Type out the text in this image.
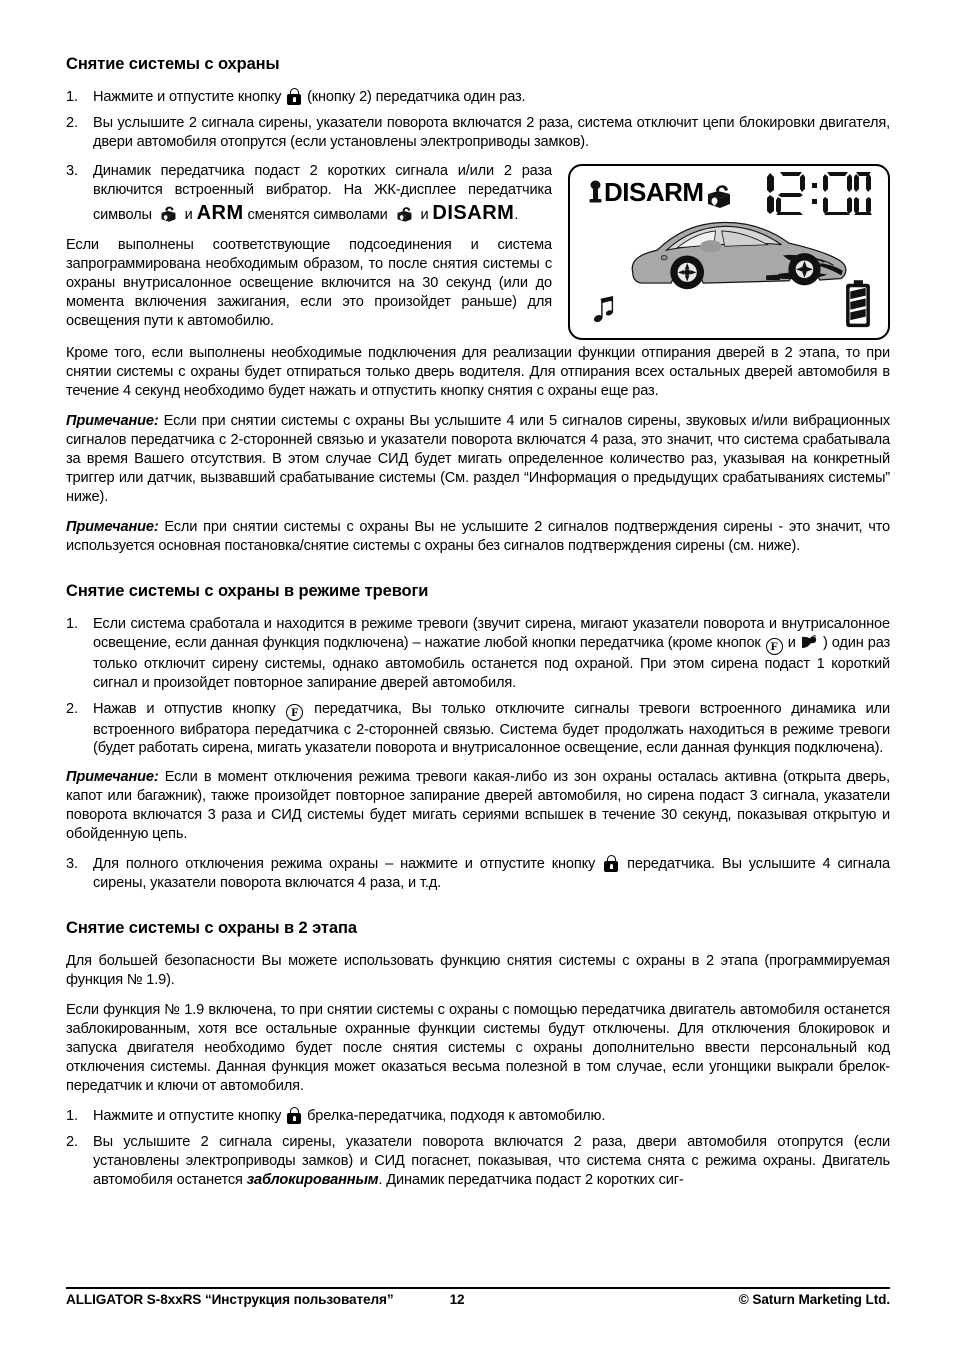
Снятие системы с охраны
1.	Нажмите и отпустите кнопку (кнопку 2) передатчика один раз.
2.	Вы услышите 2 сигнала сирены, указатели поворота включатся 2 раза, система отключит цепи блокировки двигателя, двери автомобиля отопрутся (если установлены электроприводы замков).
DISARM
3.	Динамик передатчика подаст 2 коротких сигнала и/или 2 раза включится встроенный вибратор. На ЖК-дисплее передатчика символы и ARM сменятся символами и DISARM.

Если выполнены соответствующие подсоединения и система запрограммирована необходимым образом, то после снятия системы с охраны внутрисалонное освещение включится на 30 секунд (или до момента включения зажигания, если это произойдет раньше) для освещения пути к автомобилю.

Кроме того, если выполнены необходимые подключения для реализации функции отпирания дверей в 2 этапа, то при снятии системы с охраны будет отпираться только дверь водителя. Для отпирания всех остальных дверей автомобиля в течение 4 секунд необходимо будет нажать и отпустить кнопку снятия с охраны еще раз.

Примечание: Если при снятии системы с охраны Вы услышите 4 или 5 сигналов сирены, звуковых и/или вибрационных сигналов передатчика с 2-сторонней связью и указатели поворота включатся 4 раза, это значит, что система срабатывала за время Вашего отсутствия. В этом случае СИД будет мигать определенное количество раз, указывая на конкретный триггер или датчик, вызвавший срабатывание системы (См. раздел “Информация о предыдущих срабатываниях системы” ниже).

Примечание: Если при снятии системы с охраны Вы не услышите 2 сигналов подтверждения сирены - это значит, что используется основная постановка/снятие системы с охраны без сигналов подтверждения сирены (см. ниже).

Снятие системы с охраны в режиме тревоги
1.	Если система сработала и находится в режиме тревоги (звучит сирена, мигают указатели поворота и внутрисалонное освещение, если данная функция подключена) – нажатие любой кнопки передатчика (кроме кнопок F и ) один раз только отключит сирену системы, однако автомобиль останется под охраной. При этом сирена подаст 1 короткий сигнал и произойдет повторное запирание дверей автомобиля.
2.	Нажав и отпустив кнопку F передатчика, Вы только отключите сигналы тревоги встроенного динамика или встроенного вибратора передатчика с 2-сторонней связью. Система будет продолжать находиться в режиме тревоги (будет работать сирена, мигать указатели поворота и внутрисалонное освещение, если данная функция подключена).

Примечание: Если в момент отключения режима тревоги какая-либо из зон охраны осталась активна (открыта дверь, капот или багажник), также произойдет повторное запирание дверей автомобиля, но сирена подаст 3 сигнала, указатели поворота включатся 3 раза и СИД системы будет мигать сериями вспышек в течение 30 секунд, показывая открытую и обойденную цепь.

3.	Для полного отключения режима охраны – нажмите и отпустите кнопку передатчика. Вы услышите 4 сигнала сирены, указатели поворота включатся 4 раза, и т.д.
Снятие системы с охраны в 2 этапа

Для большей безопасности Вы можете использовать функцию снятия системы с охраны в 2 этапа (программируемая функция № 1.9).

Если функция № 1.9 включена, то при снятии системы с охраны с помощью передатчика двигатель автомобиля останется заблокированным, хотя все остальные охранные функции системы будут отключены. Для отключения блокировок и запуска двигателя необходимо будет после снятия системы с охраны дополнительно ввести персональный код отключения системы. Данная функция может оказаться весьма полезной в том случае, если угонщики выкрали брелок-передатчик и ключи от автомобиля.

1.	Нажмите и отпустите кнопку брелка-передатчика, подходя к автомобилю.
2.	Вы услышите 2 сигнала сирены, указатели поворота включатся 2 раза, двери автомобиля отопрутся (если установлены электроприводы замков) и СИД погаснет, показывая, что система снята с режима охраны. Двигатель автомобиля останется заблокированным. Динамик передатчика подаст 2 коротких сиг-
ALLIGATOR S-8xxRS “Инструкция пользователя”	12	© Saturn Marketing Ltd.
